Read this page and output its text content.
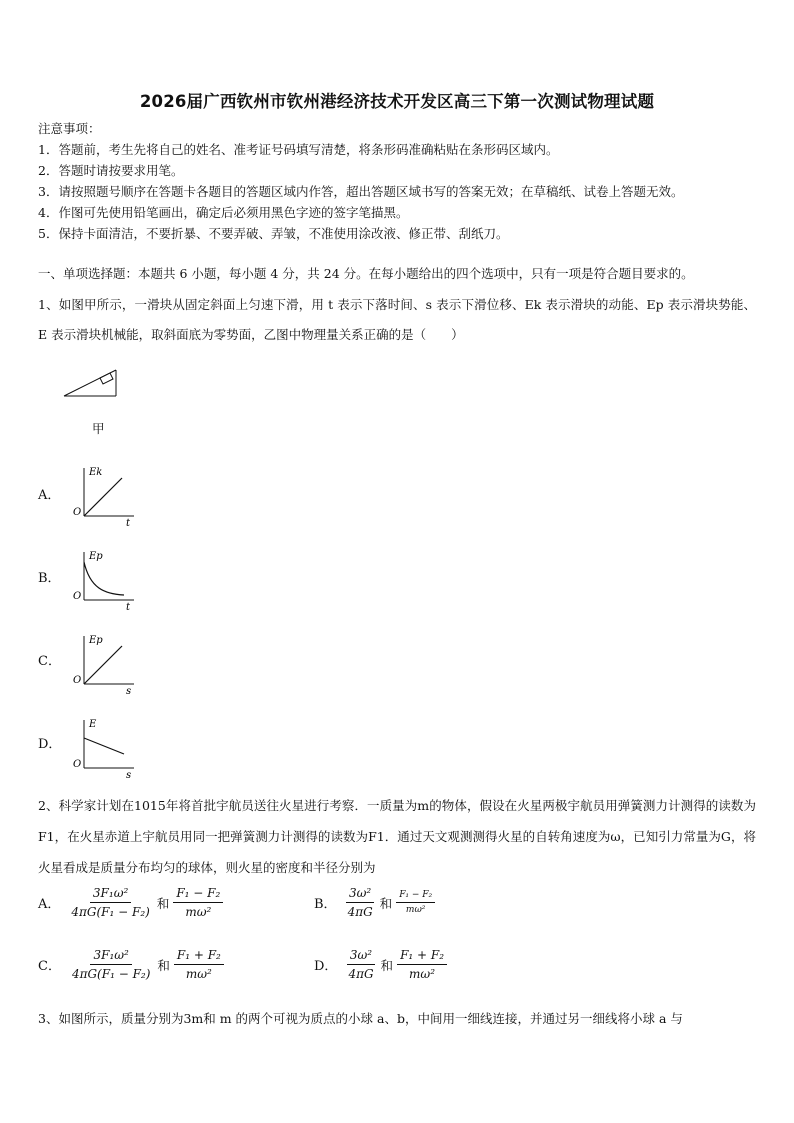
2026届广西钦州市钦州港经济技术开发区高三下第一次测试物理试题
注意事项：
1．答题前，考生先将自己的姓名、准考证号码填写清楚，将条形码准确粘贴在条形码区域内。
2．答题时请按要求用笔。
3．请按照题号顺序在答题卡各题目的答题区域内作答，超出答题区域书写的答案无效；在草稿纸、试卷上答题无效。
4．作图可先使用铅笔画出，确定后必须用黑色字迹的签字笔描黑。
5．保持卡面清洁，不要折暴、不要弄破、弄皱，不准使用涂改液、修正带、刮纸刀。
一、单项选择题：本题共 6 小题，每小题 4 分，共 24 分。在每小题给出的四个选项中，只有一项是符合题目要求的。
1、如图甲所示，一滑块从固定斜面上匀速下滑，用 t 表示下落时间、s 表示下滑位移、Ek 表示滑块的动能、Ep 表示滑块势能、E 表示滑块机械能，取斜面底为零势面，乙图中物理量关系正确的是（　　）
甲
A．
O
Ek
t
B．
O
Ep
t
C．
O
Ep
s
D．
O
E
s
2、科学家计划在1015年将首批宇航员送往火星进行考察．一质量为m的物体，假设在火星两极宇航员用弹簧测力计测得的读数为F1，在火星赤道上宇航员用同一把弹簧测力计测得的读数为F1．通过天文观测测得火星的自转角速度为ω，已知引力常量为G，将火星看成是质量分布均匀的球体，则火星的密度和半径分别为
A． $\frac{\text{3F₁ω²}}{\text{4πG(F₁ − F₂)}}$ 和 $\frac{\text{F₁ − F₂}}{\text{mω²}}$	B． $\frac{\text{3ω²}}{4\pi G}$ 和 $\frac{\text{F₁ − F₂}}{\text{mω²}}$
C． $\frac{\text{3F₁ω²}}{\text{4πG(F₁ − F₂)}}$ 和 $\frac{\text{F₁ + F₂}}{\text{mω²}}$	D． $\frac{\text{3ω²}}{4\pi G}$ 和 $\frac{\text{F₁ + F₂}}{\text{mω²}}$
3、如图所示，质量分别为3m和 m 的两个可视为质点的小球 a、b，中间用一细线连接，并通过另一细线将小球 a 与
